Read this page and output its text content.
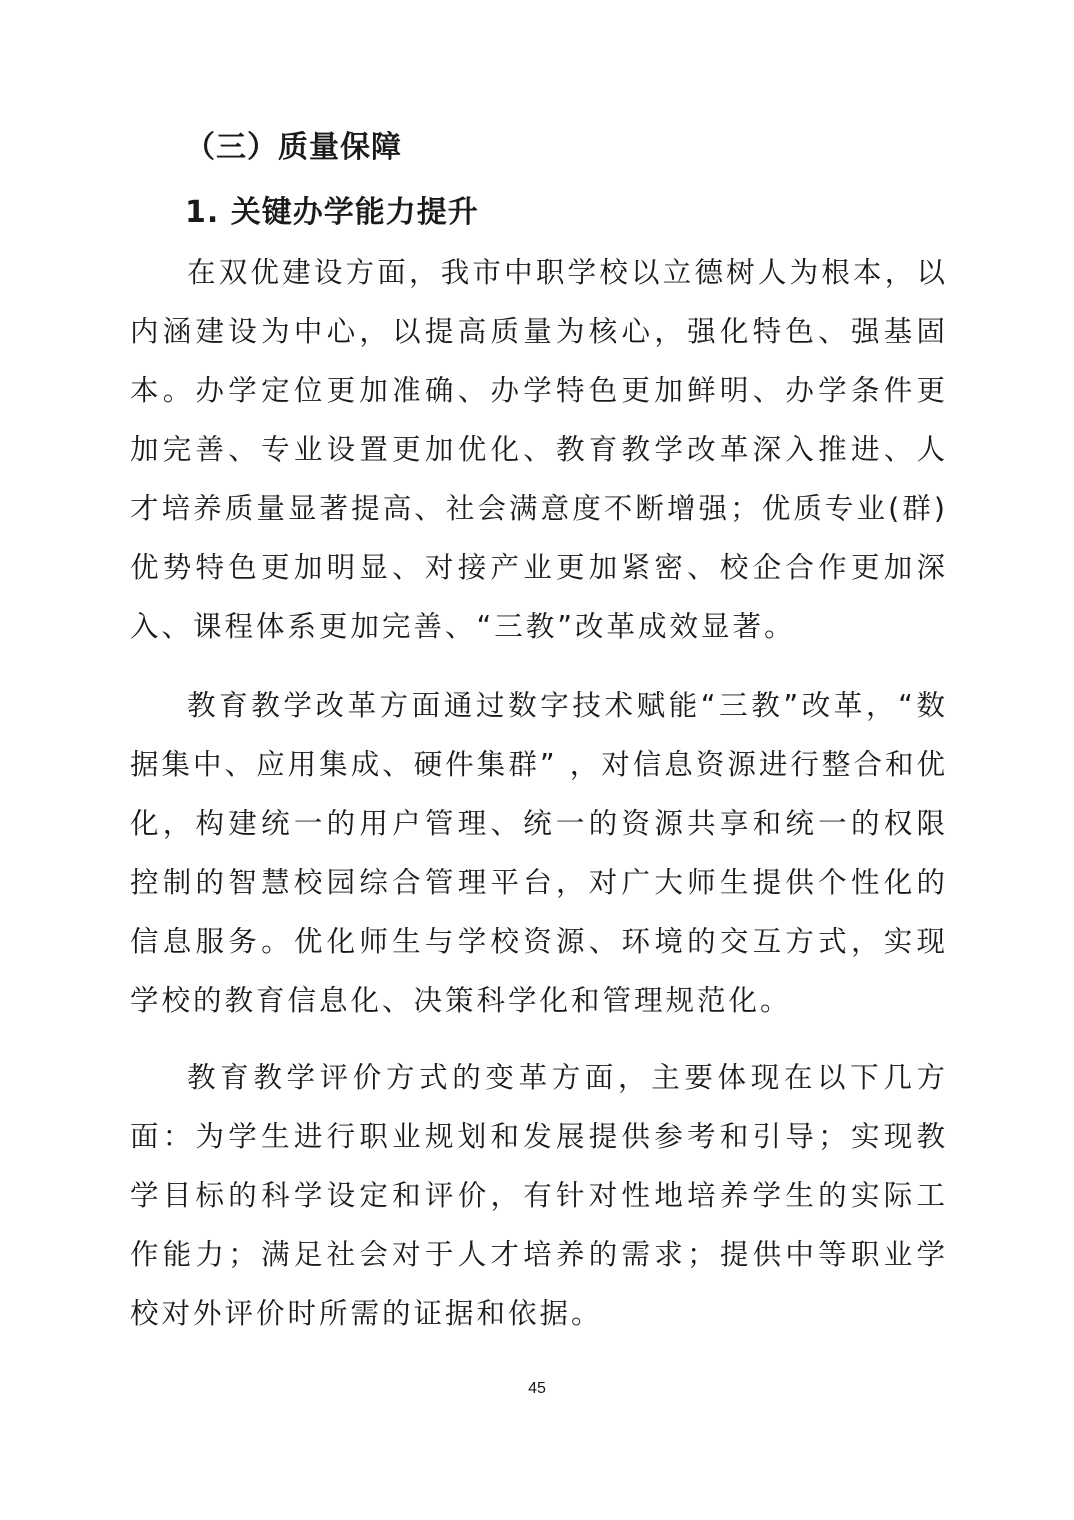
（三）质量保障
1. 关键办学能力提升

在双优建设方面，我市中职学校以立德树人为根本，以内涵建设为中心，以提高质量为核心，强化特色、强基固本。办学定位更加准确、办学特色更加鲜明、办学条件更加完善、专业设置更加优化、教育教学改革深入推进、人才培养质量显著提高、社会满意度不断增强；优质专业(群)优势特色更加明显、对接产业更加紧密、校企合作更加深入、课程体系更加完善、“三教”改革成效显著。

教育教学改革方面通过数字技术赋能“三教”改革，“数据集中、应用集成、硬件集群” ，对信息资源进行整合和优化，构建统一的用户管理、统一的资源共享和统一的权限控制的智慧校园综合管理平台，对广大师生提供个性化的信息服务。优化师生与学校资源、环境的交互方式，实现学校的教育信息化、决策科学化和管理规范化。

教育教学评价方式的变革方面，主要体现在以下几方面：为学生进行职业规划和发展提供参考和引导；实现教学目标的科学设定和评价，有针对性地培养学生的实际工作能力；满足社会对于人才培养的需求；提供中等职业学校对外评价时所需的证据和依据。

45
